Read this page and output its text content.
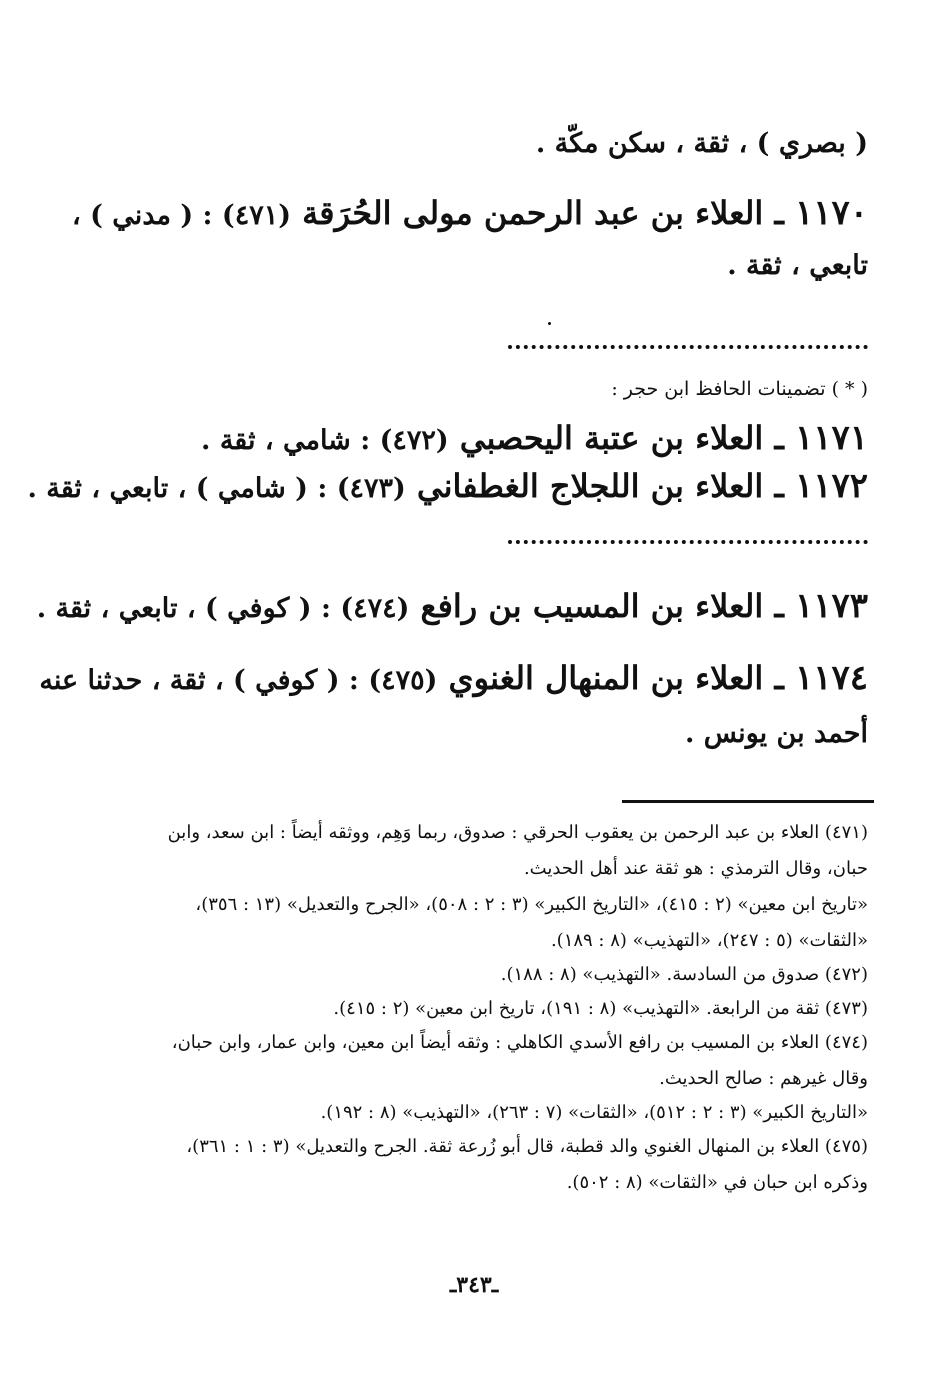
( بصري ) ، ثقة ، سكن مكّة .
١١٧٠ ـ العلاء بن عبد الرحمن مولى الحُرَقة (٤٧١) : ( مدني ) ،
تابعي ، ثقة .
( * ) تضمينات الحافظ ابن حجر :
١١٧١ ـ العلاء بن عتبة اليحصبي (٤٧٢) : شامي ، ثقة .
١١٧٢ ـ العلاء بن اللجلاج الغطفاني (٤٧٣) : ( شامي ) ، تابعي ، ثقة .
١١٧٣ ـ العلاء بن المسيب بن رافع (٤٧٤) : ( كوفي ) ، تابعي ، ثقة .
١١٧٤ ـ العلاء بن المنهال الغنوي (٤٧٥) : ( كوفي ) ، ثقة ، حدثنا عنه
أحمد بن يونس .
(٤٧١) العلاء بن عبد الرحمن بن يعقوب الحرقي : صدوق، ربما وَهِم، ووثقه أيضاً : ابن سعد، وابن
حبان، وقال الترمذي : هو ثقة عند أهل الحديث.
«تاريخ ابن معين» (٢ : ٤١٥)، «التاريخ الكبير» (٣ : ٢ : ٥٠٨)، «الجرح والتعديل» (١٣ : ٣٥٦)،
«الثقات» (٥ : ٢٤٧)، «التهذيب» (٨ : ١٨٩).
(٤٧٢) صدوق من السادسة. «التهذيب» (٨ : ١٨٨).
(٤٧٣) ثقة من الرابعة. «التهذيب» (٨ : ١٩١)، تاريخ ابن معين» (٢ : ٤١٥).
(٤٧٤) العلاء بن المسيب بن رافع الأسدي الكاهلي : وثقه أيضاً ابن معين، وابن عمار، وابن حبان،
وقال غيرهم : صالح الحديث.
«التاريخ الكبير» (٣ : ٢ : ٥١٢)، «الثقات» (٧ : ٢٦٣)، «التهذيب» (٨ : ١٩٢).
(٤٧٥) العلاء بن المنهال الغنوي والد قطبة، قال أبو زُرعة ثقة. الجرح والتعديل» (٣ : ١ : ٣٦١)،
وذكره ابن حبان في «الثقات» (٨ : ٥٠٢).
ـ٣٤٣ـ
